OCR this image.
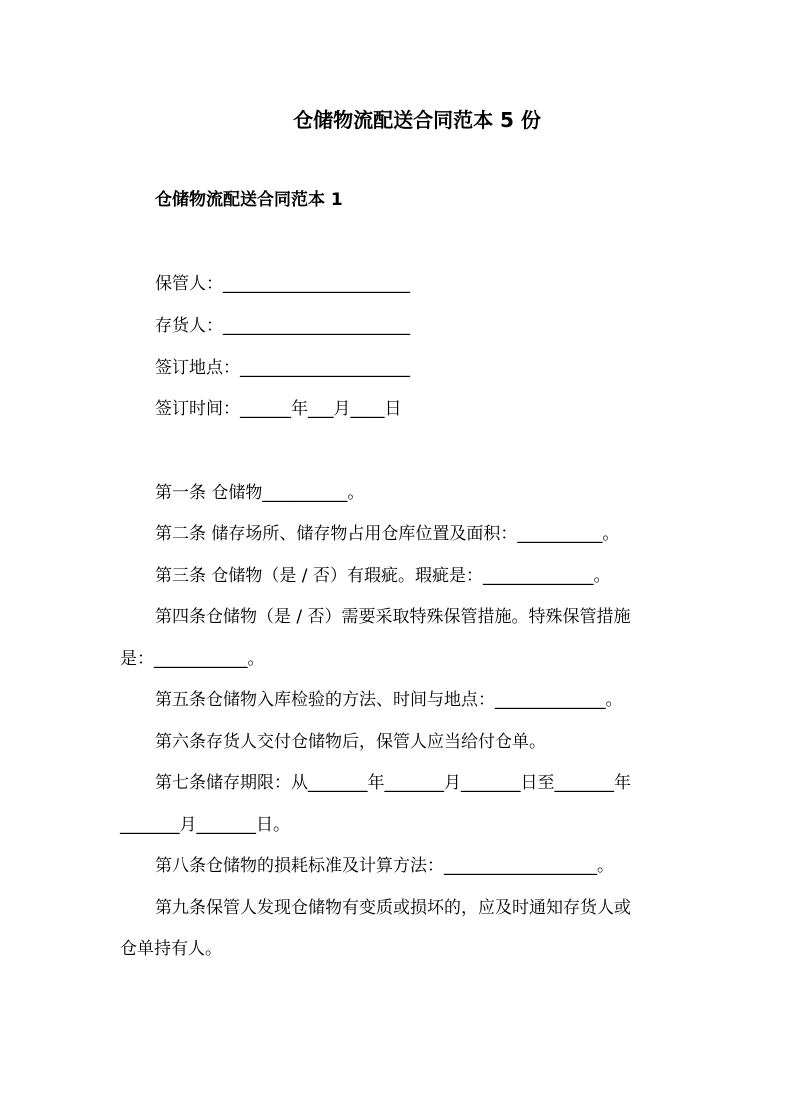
仓储物流配送合同范本 5 份
仓储物流配送合同范本 1
保管人：______________________
存货人：______________________
签订地点：____________________
签订时间：______年___月____日
第一条 仓储物__________。
第二条 储存场所、储存物占用仓库位置及面积：__________。
第三条 仓储物（是 / 否）有瑕疵。瑕疵是：_____________。
第四条仓储物（是 / 否）需要采取特殊保管措施。特殊保管措施
是：___________。
第五条仓储物入库检验的方法、时间与地点：_____________。
第六条存货人交付仓储物后，保管人应当给付仓单。
第七条储存期限：从_______年_______月_______日至_______年
_______月_______日。
第八条仓储物的损耗标准及计算方法：__________________。
第九条保管人发现仓储物有变质或损坏的，应及时通知存货人或
仓单持有人。
